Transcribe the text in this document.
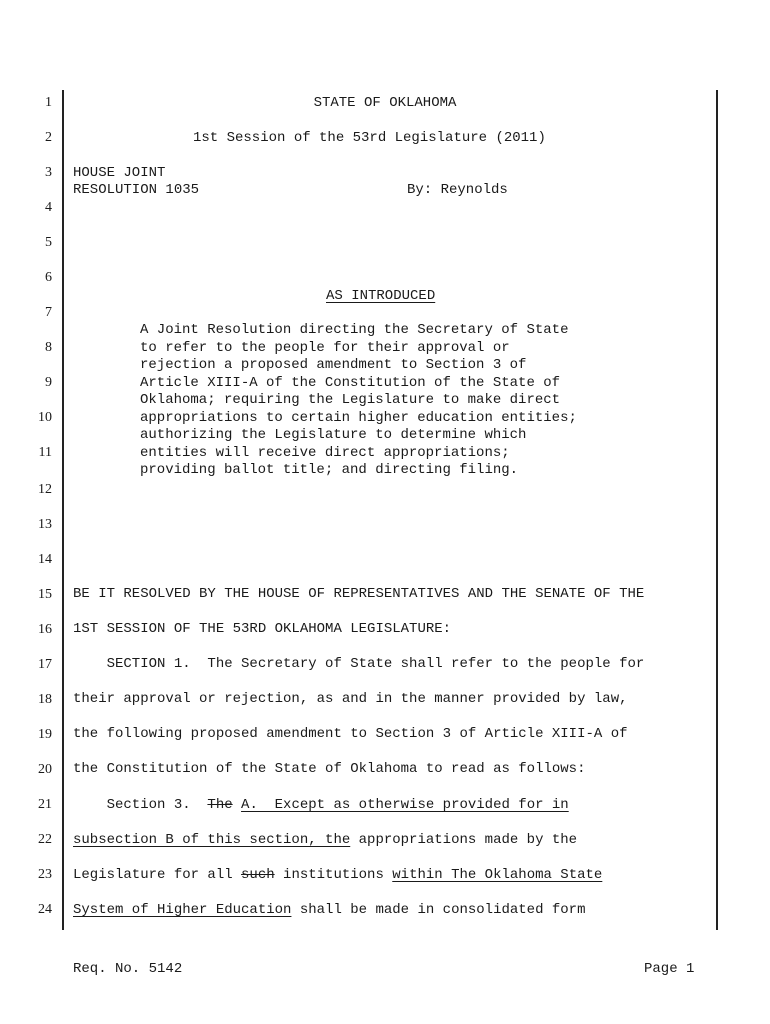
1
2
3
4
5
6
7
8
9
10
11
12
13
14
15
16
17
18
19
20
21
22
23
24
STATE OF OKLAHOMA
1st Session of the 53rd Legislature (2011)
HOUSE JOINT
RESOLUTION 1035	By: Reynolds
AS INTRODUCED
A Joint Resolution directing the Secretary of State
to refer to the people for their approval or
rejection a proposed amendment to Section 3 of
Article XIII-A of the Constitution of the State of
Oklahoma; requiring the Legislature to make direct
appropriations to certain higher education entities;
authorizing the Legislature to determine which
entities will receive direct appropriations;
providing ballot title; and directing filing.
BE IT RESOLVED BY THE HOUSE OF REPRESENTATIVES AND THE SENATE OF THE
1ST SESSION OF THE 53RD OKLAHOMA LEGISLATURE:
SECTION 1.  The Secretary of State shall refer to the people for
their approval or rejection, as and in the manner provided by law,
the following proposed amendment to Section 3 of Article XIII-A of
the Constitution of the State of Oklahoma to read as follows:
Section 3.  The A.  Except as otherwise provided for in
subsection B of this section, the appropriations made by the
Legislature for all such institutions within The Oklahoma State
System of Higher Education shall be made in consolidated form
Req. No. 5142	Page 1
